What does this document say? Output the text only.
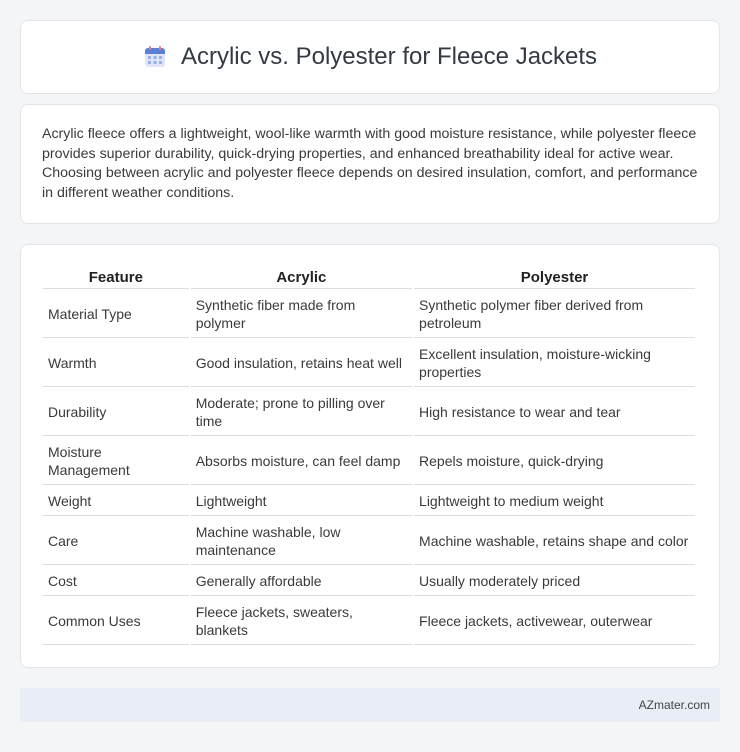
Acrylic vs. Polyester for Fleece Jackets

Acrylic fleece offers a lightweight, wool-like warmth with good moisture resistance, while polyester fleece provides superior durability, quick-drying properties, and enhanced breathability ideal for active wear. Choosing between acrylic and polyester fleece depends on desired insulation, comfort, and performance in different weather conditions.

Feature	Acrylic	Polyester
Material Type	Synthetic fiber made from polymer	Synthetic polymer fiber derived from petroleum
Warmth	Good insulation, retains heat well	Excellent insulation, moisture-wicking properties
Durability	Moderate; prone to pilling over time	High resistance to wear and tear
Moisture Management	Absorbs moisture, can feel damp	Repels moisture, quick-drying
Weight	Lightweight	Lightweight to medium weight
Care	Machine washable, low maintenance	Machine washable, retains shape and color
Cost	Generally affordable	Usually moderately priced
Common Uses	Fleece jackets, sweaters, blankets	Fleece jackets, activewear, outerwear
AZmater.com
